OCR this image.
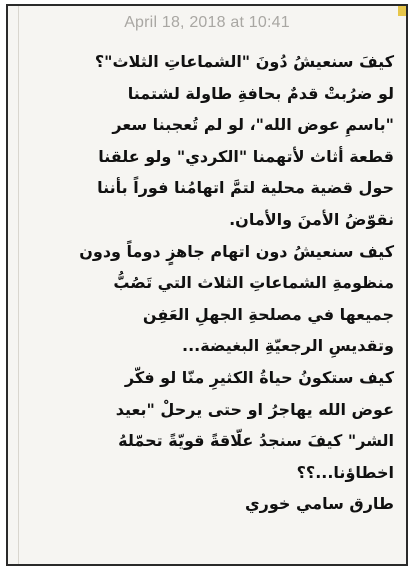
April 18, 2018 at 10:41
كيفَ سنعيشُ دُونَ "الشماعاتِ الثلاث"؟
لو ضرُبتْ قدمٌ بحافةِ طاولة لشتمنا
"باسمِ عوض الله"، لو لم تُعجبنا سعر
قطعة أثاث لأتهمنا "الكردي" ولو علقنا
حول قضية محلية لتمَّ اتهامُنا فوراً بأننا
نقوّضُ الأمنَ والأمان.
كيف سنعيشُ دون اتهام جاهزٍ دوماً ودون
منظومةِ الشماعاتِ الثلاث التي تَصُبُّ
جميعها في مصلحةِ الجهلِ العَفِن
وتقديسِ الرجعيّةِ البغيضة...
كيف ستكونُ حياةُ الكثيرِ منّا لو فكّر
عوض الله يهاجرُ او حتى يرحلْ "بعيد
الشر" كيفَ سنجدُ علّاقةً قويّةً تحمّلهُ
اخطاؤنا...؟؟
طارق سامي خوري
